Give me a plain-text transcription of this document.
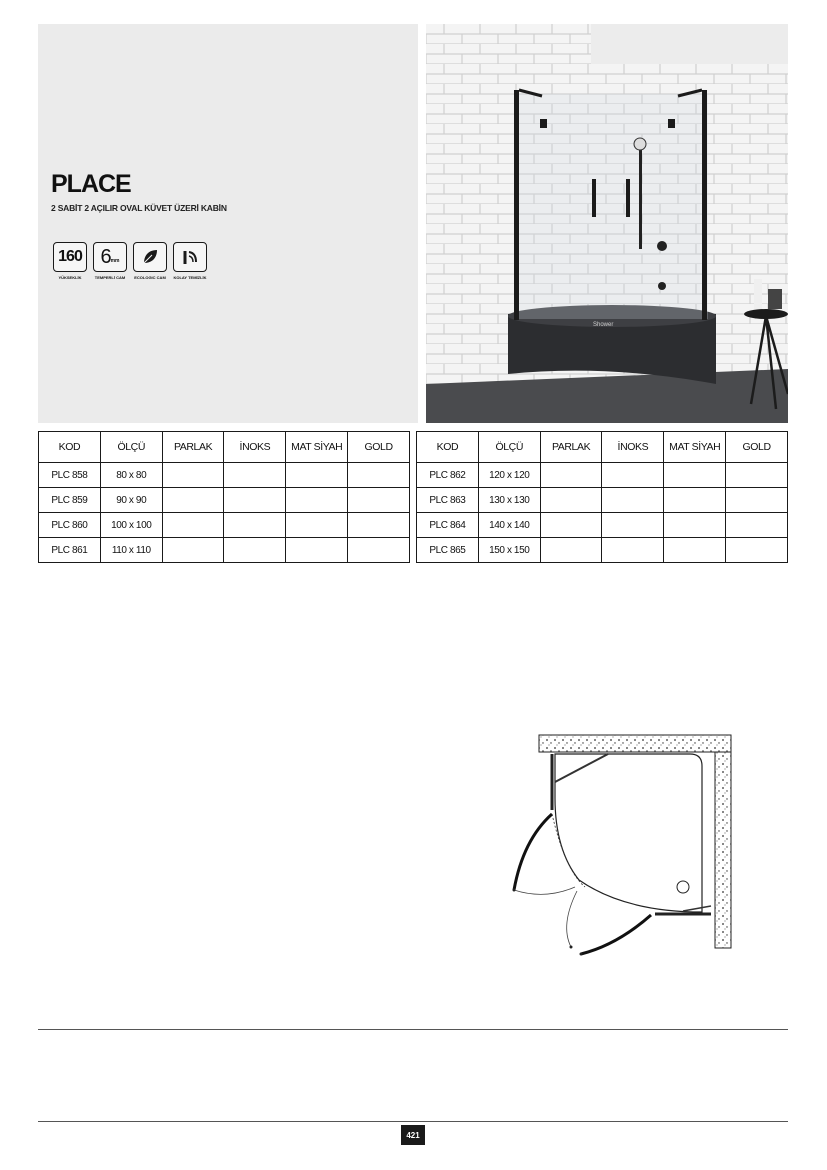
PLACE
2 SABİT 2 AÇILIR OVAL KÜVET ÜZERİ KABİN
160
YÜKSEKLİK
6 mm
TEMPERLİ CAM ECOLOGIC CAM KOLAY TEMİZLİK
Shower
KOD	ÖLÇÜ	PARLAK	İNOKS	MAT SİYAH	GOLD
PLC 858	80 x 80				
PLC 859	90 x 90				
PLC 860	100 x 100				
PLC 861	110 x 110				
KOD	ÖLÇÜ	PARLAK	İNOKS	MAT SİYAH	GOLD
PLC 862	120 x 120				
PLC 863	130 x 130				
PLC 864	140 x 140				
PLC 865	150 x 150				
421
